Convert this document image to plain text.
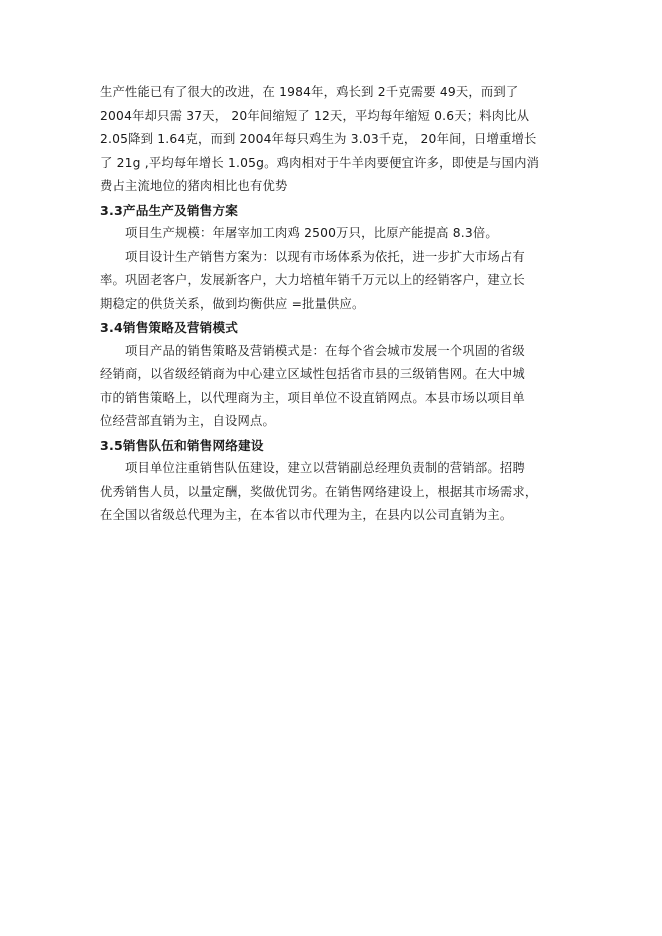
生产性能已有了很大的改进，在 1984年，鸡长到 2千克需要 49天，而到了
2004年却只需 37天， 20年间缩短了 12天，平均每年缩短 0.6天；料肉比从
2.05降到 1.64克，而到 2004年每只鸡生为 3.03千克， 20年间，日增重增长
了 21g ,平均每年增长 1.05g。鸡肉相对于牛羊肉要便宜许多，即使是与国内消
费占主流地位的猪肉相比也有优势
3.3产品生产及销售方案
项目生产规模：年屠宰加工肉鸡 2500万只，比原产能提高 8.3倍。
项目设计生产销售方案为：以现有市场体系为依托，进一步扩大市场占有
率。巩固老客户，发展新客户，大力培植年销千万元以上的经销客户，建立长
期稳定的供货关系，做到均衡供应 =批量供应。
3.4销售策略及营销模式
项目产品的销售策略及营销模式是：在每个省会城市发展一个巩固的省级
经销商，以省级经销商为中心建立区域性包括省市县的三级销售网。在大中城
市的销售策略上，以代理商为主，项目单位不设直销网点。本县市场以项目单
位经营部直销为主，自设网点。
3.5销售队伍和销售网络建设
项目单位注重销售队伍建设，建立以营销副总经理负责制的营销部。招聘
优秀销售人员，以量定酬，奖做优罚劣。在销售网络建设上，根据其市场需求，
在全国以省级总代理为主，在本省以市代理为主，在县内以公司直销为主。
